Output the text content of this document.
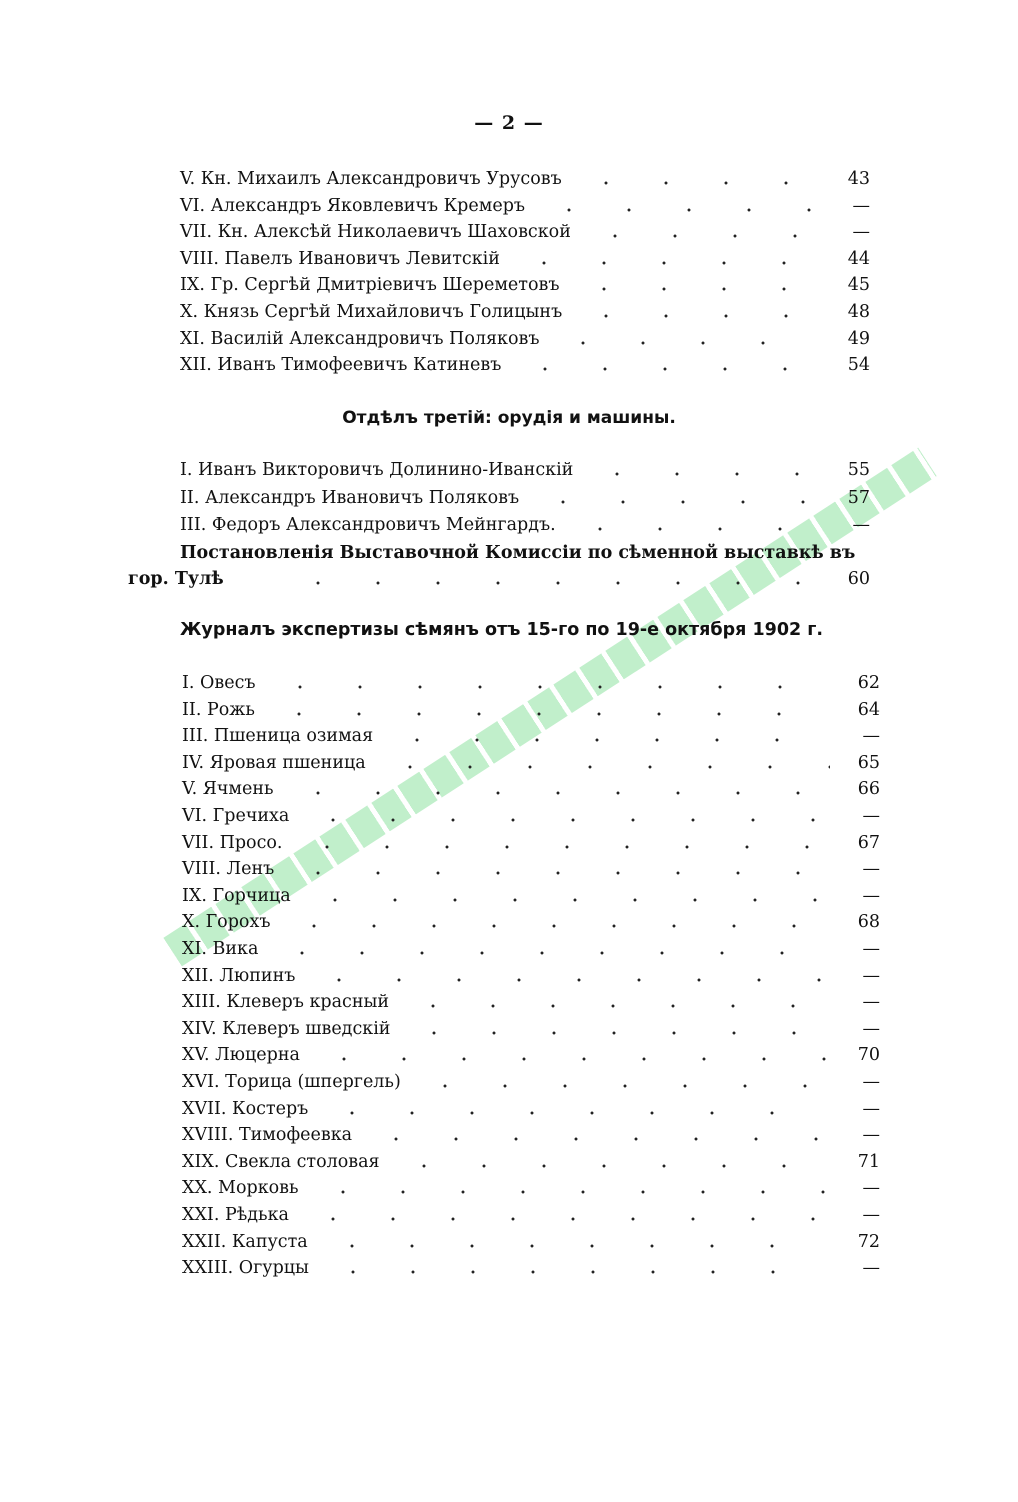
— 2 —
V. Кн. Михаилъ Александровичъ Урусовъ	43
VI. Александръ Яковлевичъ Кремеръ	—
VII. Кн. Алексѣй Николаевичъ Шаховской	—
VIII. Павелъ Ивановичъ Левитскій	44
IX. Гр. Сергѣй Дмитріевичъ Шереметовъ	45
X. Князь Сергѣй Михайловичъ Голицынъ	48
XI. Василій Александровичъ Поляковъ	49
XII. Иванъ Тимофеевичъ Катиневъ	54
Отдѣлъ третій: орудія и машины.
I. Иванъ Викторовичъ Долинино-Иванскій	55
II. Александръ Ивановичъ Поляковъ	57
III. Федоръ Александровичъ Мейнгардъ.	—
Постановленія Выставочной Комиссіи по сѣменной выставкѣ въ
гор. Тулѣ	60
Журналъ экспертизы сѣмянъ отъ 15-го по 19-е октября 1902 г.
I. Овесъ	62
II. Рожь	64
III. Пшеница озимая	—
IV. Яровая пшеница	65
V. Ячмень	66
VI. Гречиха	—
VII. Просо.	67
VIII. Ленъ	—
IX. Горчица	—
X. Горохъ	68
XI. Вика	—
XII. Люпинъ	—
XIII. Клеверъ красный	—
XIV. Клеверъ шведскій	—
XV. Люцерна	70
XVI. Торица (шпергель)	—
XVII. Костеръ	—
XVIII. Тимофеевка	—
XIX. Свекла столовая	71
XX. Морковь	—
XXI. Рѣдька	—
XXII. Капуста	72
XXIII. Огурцы	—
